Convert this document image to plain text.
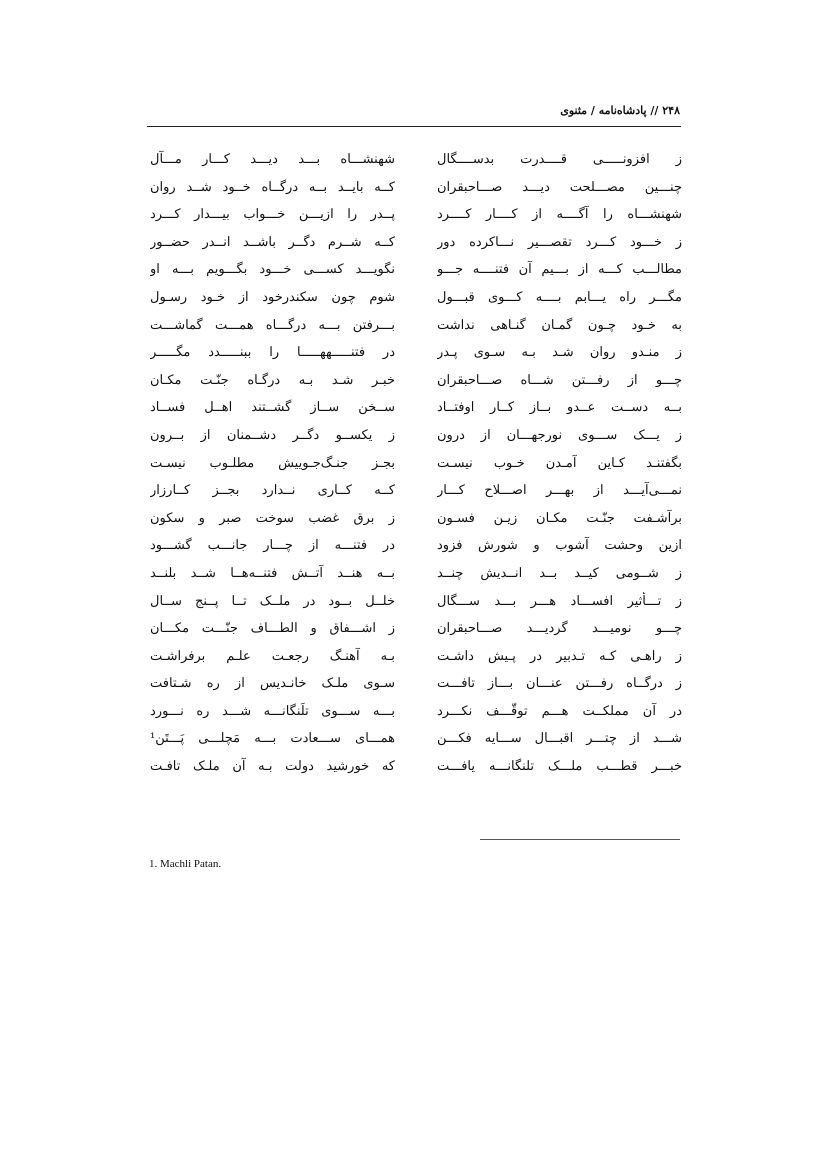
۲۴۸ // پادشاه‌نامه / مثنوی
ز افزونـــــی قــــدرت بدســــگال
شهنشـــاه بـــد دیـــد کـــار مـــآل
چنـــین مصـــلحت دیـــد صـــاحبقران
کــه بایــد بــه درگــاه خــود شــد روان
شهنشـــاه را آگــــه از کــــار کــــرد
پــدر را ازیـــن خـــواب بیـــدار کـــرد
ز خـــود کـــرد تقصـــیر نـــاکرده دور
کــه شــرم دگــر باشــد انــدر حضــور
مطالـــب کـــه از بـــیم آن فتنــــه جـــو
نگویـــد کســـی خـــود بگـــویم بـــه او
مگـــر راه یـــابم بــــه کـــوی قبـــول
شوم چون سکندرخود از خـود رسـول
به خـود چـون گمـان گنـاهی نداشت
بـــرفتن بـــه درگـــاه همـــت گماشـــت
ز منـدو روان شـد بـه سـوی پـدر
در فتنـــــههـــــا را ببنـــــدد مگـــــر
چـــو از رفـــتن شـــاه صـــاحبقران
خبـر شـد بـه درگـاه جنّـت مکـان
بــه دســت عــدو بــاز کــار اوفتــاد
ســخن ســاز گشــتند اهــل فســاد
ز یـــک ســـوی نورجهـــان از درون
ز یکســو دگــر دشــمنان از بــرون
بگفتنـد کـاین آمـدن خـوب نیسـت
بجـز جنـگ‌جـوییش مطلـوب نیسـت
نمـــی‌آیـــد از بهـــر اصـــلاح کـــار
کــه کــاری نــدارد بجــز کــارزار
برآشـفت جنّـت مکـان زیـن فسـون
ز برق غضب سوخت صبر و سکون
ازین وحشت آشوب و شورش فزود
در فتنـــه از چـــار جانـــب گشـــود
ز شــومی کیــد بــد انــدیش چنــد
بــه هنــد آتــش فتنــه‌هــا شــد بلنــد
ز تـــأثیر افســـاد هـــر بـــد ســـگال
خلــل بــود در ملــک تــا پــنج ســال
چـــو نومیـــد گردیـــد صـــاحبقران
ز اشـــفاق و الطـــاف جنّـــت مکـــان
ز راهـی کـه تـدبیر در پـیش داشـت
بـه آهنـگ رجعـت علـم برفراشـت
ز درگــاه رفـــتن عنـــان بـــاز تافـــت
سـوی ملـک خانـدیس از ره شـتافت
در آن مملکــت هـــم توقّـــف نکـــرد
بـــه ســـوی تلَنگانـــه شـــد ره نـــورد
شـــد از چتـــر اقبـــال ســـایه فکـــن
همـــای ســـعادت بـــه مَچلـــی پَـــتَن¹
خبـــر قطـــب ملـــک تلنگانـــه یافـــت
که خورشید دولت بـه آن ملـک تافـت
1. Machli Patan.
